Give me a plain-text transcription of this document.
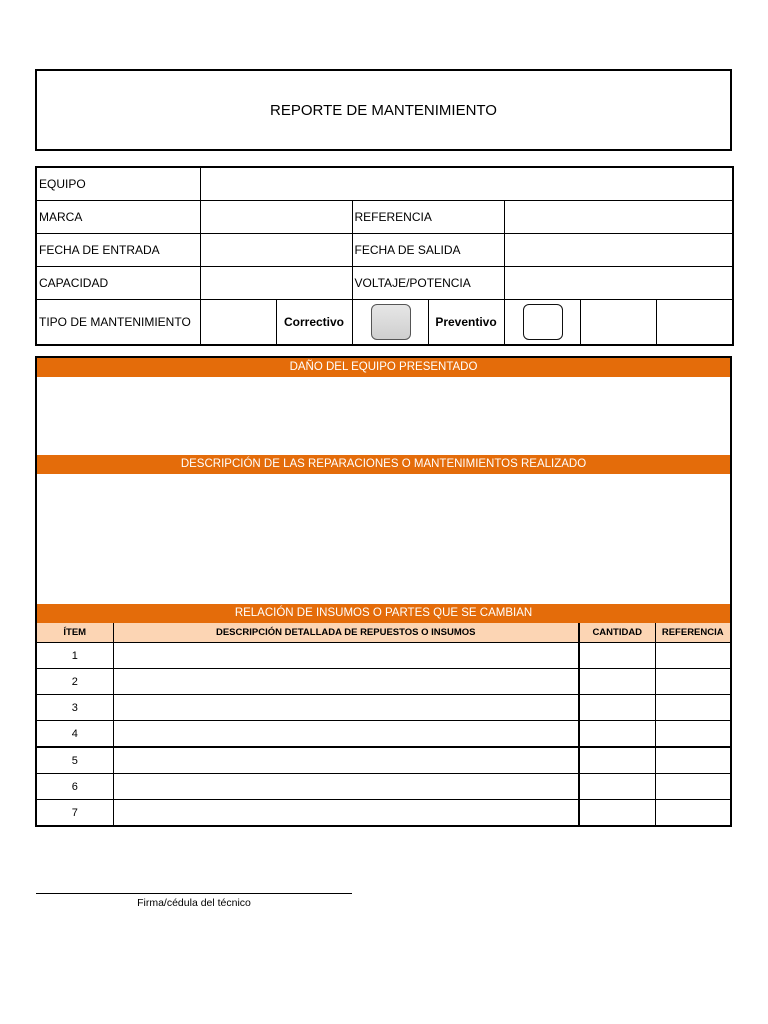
REPORTE DE MANTENIMIENTO
EQUIPO							
MARCA			REFERENCIA				
FECHA DE ENTRADA			FECHA DE SALIDA				
CAPACIDAD			VOLTAJE/POTENCIA				
TIPO DE MANTENIMIENTO		Correctivo		Preventivo	

DAÑO DEL EQUIPO PRESENTADO
DESCRIPCIÓN DE LAS REPARACIONES O MANTENIMIENTOS REALIZADO
RELACIÓN DE INSUMOS O PARTES QUE SE CAMBIAN
ÍTEM	DESCRIPCIÓN DETALLADA DE REPUESTOS O INSUMOS	CANTIDAD	REFERENCIA
1			
2			
3			
4			
5			
6			
7			
Firma/cédula del técnico
